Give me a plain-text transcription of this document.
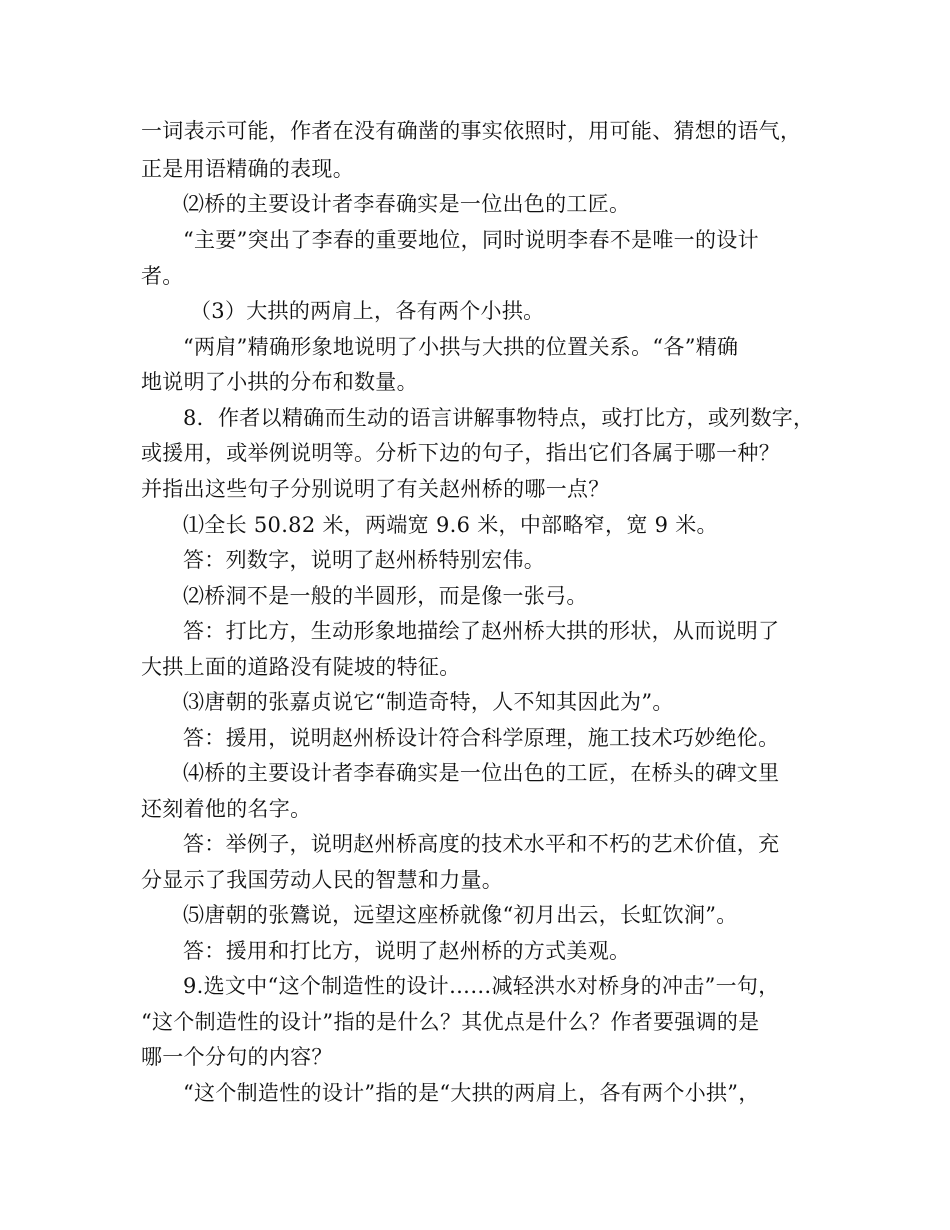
一词表示可能，作者在没有确凿的事实依照时，用可能、猜想的语气，
正是用语精确的表现。
⑵桥的主要设计者李春确实是一位出色的工匠。
“主要”突出了李春的重要地位，同时说明李春不是唯一的设计
者。
（3）大拱的两肩上，各有两个小拱。
“两肩”精确形象地说明了小拱与大拱的位置关系。“各”精确
地说明了小拱的分布和数量。
8．作者以精确而生动的语言讲解事物特点，或打比方，或列数字，
或援用，或举例说明等。分析下边的句子，指出它们各属于哪一种？
并指出这些句子分别说明了有关赵州桥的哪一点？
⑴全长 50.82 米，两端宽 9.6 米，中部略窄，宽 9 米。
答：列数字，说明了赵州桥特别宏伟。
⑵桥洞不是一般的半圆形，而是像一张弓。
答：打比方，生动形象地描绘了赵州桥大拱的形状，从而说明了
大拱上面的道路没有陡坡的特征。
⑶唐朝的张嘉贞说它“制造奇特，人不知其因此为”。
答：援用，说明赵州桥设计符合科学原理，施工技术巧妙绝伦。
⑷桥的主要设计者李春确实是一位出色的工匠，在桥头的碑文里
还刻着他的名字。
答：举例子，说明赵州桥高度的技术水平和不朽的艺术价值，充
分显示了我国劳动人民的智慧和力量。
⑸唐朝的张鷟说，远望这座桥就像“初月出云，长虹饮涧”。
答：援用和打比方，说明了赵州桥的方式美观。
9.选文中“这个制造性的设计……减轻洪水对桥身的冲击”一句，
“这个制造性的设计”指的是什么？其优点是什么？作者要强调的是
哪一个分句的内容？
“这个制造性的设计”指的是“大拱的两肩上，各有两个小拱”，
